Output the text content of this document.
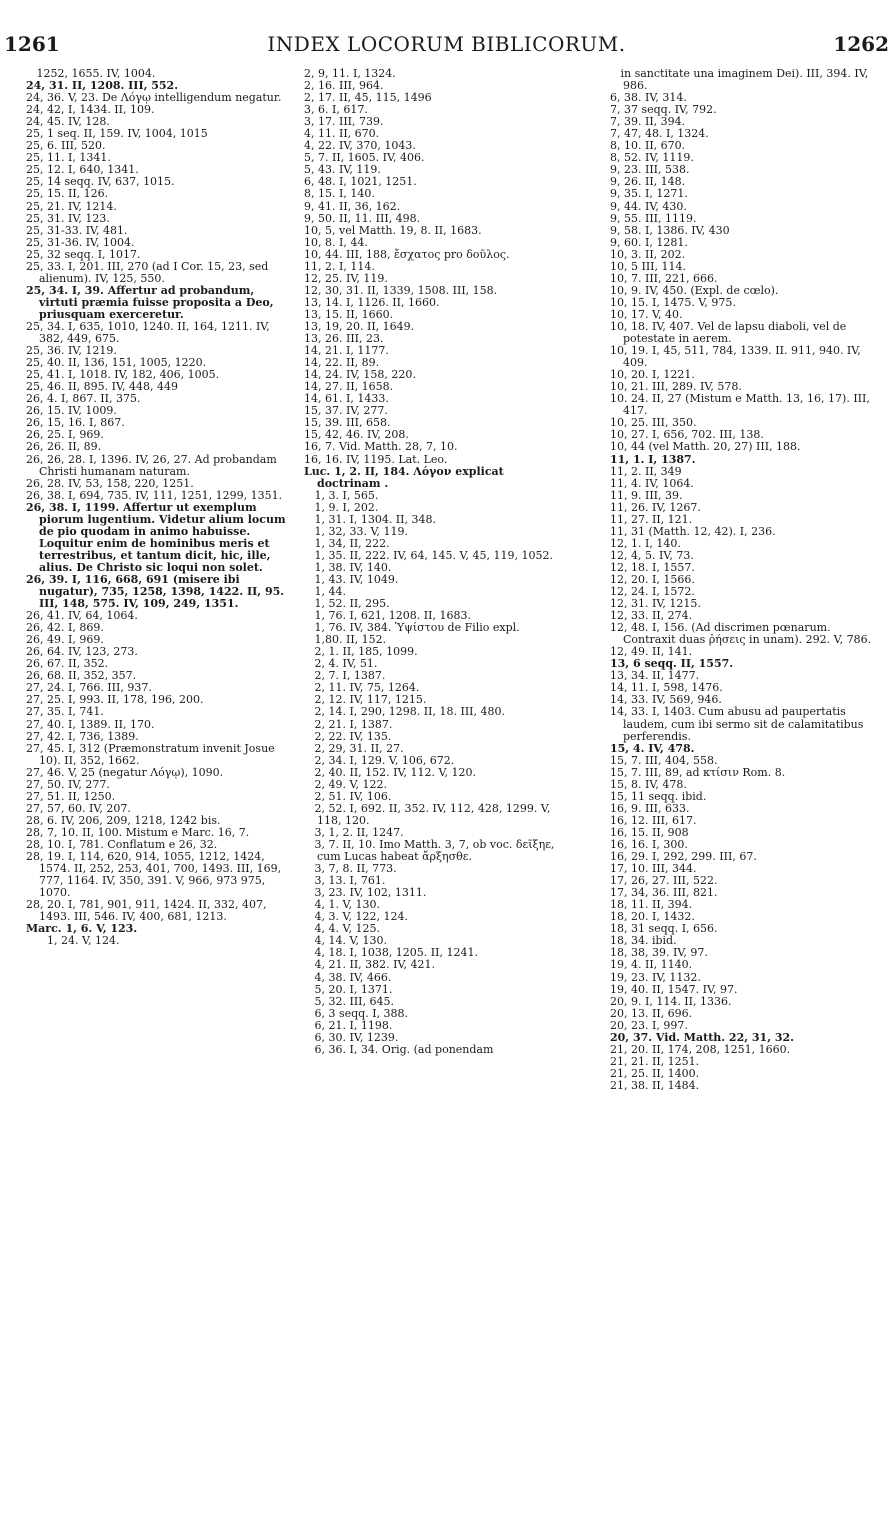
1261	INDEX LOCORUM BIBLICORUM.	1262
1252, 1655. IV, 1004.
24, 31. II, 1208. III, 552.
24, 36. V, 23. De Λόγῳ intelligendum negatur.
24, 42, I, 1434. II, 109.
24, 45. IV, 128.
25, 1 seq. II, 159. IV, 1004, 1015
25, 6. III, 520.
25, 11. I, 1341.
25, 12. I, 640, 1341.
25, 14 seqq. IV, 637, 1015.
25, 15. II, 126.
25, 21. IV, 1214.
25, 31. IV, 123.
25, 31-33. IV, 481.
25, 31-36. IV, 1004.
25, 32 seqq. I, 1017.
25, 33. I, 201. III, 270 (ad I Cor. 15, 23, sed alienum). IV, 125, 550.
25, 34. I, 39. Affertur ad probandum, virtuti præmia fuisse proposita a Deo, priusquam exerceretur.
25, 34. I, 635, 1010, 1240. II, 164, 1211. IV, 382, 449, 675.
25, 36. IV, 1219.
25, 40. II, 136, 151, 1005, 1220.
25, 41. I, 1018. IV, 182, 406, 1005.
25, 46. II, 895. IV, 448, 449
26, 4. I, 867. II, 375.
26, 15. IV, 1009.
26, 15, 16. I, 867.
26, 25. I, 969.
26, 26. II, 89.
26, 26, 28. I, 1396. IV, 26, 27. Ad probandam Christi humanam naturam.
26, 28. IV, 53, 158, 220, 1251.
26, 38. I, 694, 735. IV, 111, 1251, 1299, 1351.
26, 38. I, 1199. Affertur ut exemplum piorum lugentium. Videtur alium locum de pio quodam in animo habuisse. Loquitur enim de hominibus meris et terrestribus, et tantum dicit, hic, ille, alius. De Christo sic loqui non solet.
26, 39. I, 116, 668, 691 (misere ibi nugatur), 735, 1258, 1398, 1422. II, 95. III, 148, 575. IV, 109, 249, 1351.
26, 41. IV, 64, 1064.
26, 42. I, 869.
26, 49. I, 969.
26, 64. IV, 123, 273.
26, 67. II, 352.
26, 68. II, 352, 357.
27, 24. I, 766. III, 937.
27, 25. I, 993. II, 178, 196, 200.
27, 35. I, 741.
27, 40. I, 1389. II, 170.
27, 42. I, 736, 1389.
27, 45. I, 312 (Præmonstratum invenit Josue 10). II, 352, 1662.
27, 46. V, 25 (negatur Λόγῳ), 1090.
27, 50. IV, 277.
27, 51. II, 1250.
27, 57, 60. IV, 207.
28, 6. IV, 206, 209, 1218, 1242 bis.
28, 7, 10. II, 100. Mistum e Marc. 16, 7.
28, 10. I, 781. Conflatum e 26, 32.
28, 19. I, 114, 620, 914, 1055, 1212, 1424, 1574. II, 252, 253, 401, 700, 1493. III, 169, 777, 1164. IV, 350, 391. V, 966, 973 975, 1070.
28, 20. I, 781, 901, 911, 1424. II, 332, 407, 1493. III, 546. IV, 400, 681, 1213.
Marc. 1, 6. V, 123.
1, 24. V, 124.
2, 9, 11. I, 1324.
2, 16. III, 964.
2, 17. II, 45, 115, 1496
3, 6. I, 617.
3, 17. III, 739.
4, 11. II, 670.
4, 22. IV, 370, 1043.
5, 7. II, 1605. IV, 406.
5, 43. IV, 119.
6, 48. I, 1021, 1251.
8, 15. I, 140.
9, 41. II, 36, 162.
9, 50. II, 11. III, 498.
10, 5, vel Matth. 19, 8. II, 1683.
10, 8. I, 44.
10, 44. III, 188, ἔσχατος pro δοῦλος.
11, 2. I, 114.
12, 25. IV, 119.
12, 30, 31. II, 1339, 1508. III, 158.
13, 14. I, 1126. II, 1660.
13, 15. II, 1660.
13, 19, 20. II, 1649.
13, 26. III, 23.
14, 21. I, 1177.
14, 22. II, 89.
14, 24. IV, 158, 220.
14, 27. II, 1658.
14, 61. I, 1433.
15, 37. IV, 277.
15, 39. III, 658.
15, 42, 46. IV, 208.
16, 7. Vid. Matth. 28, 7, 10.
16, 16. IV, 1195. Lat. Leo.
Luc. 1, 2. II, 184. Λόγον explicat doctrinam .
1, 3. I, 565.
1, 9. I, 202.
1, 31. I, 1304. II, 348.
1, 32, 33. V, 119.
1, 34, II, 222.
1, 35. II, 222. IV, 64, 145. V, 45, 119, 1052.
1, 38. IV, 140.
1, 43. IV, 1049.
1, 44.
1, 52. II, 295.
1, 76. I, 621, 1208. II, 1683.
1, 76. IV, 384. Ὑψίστου de Filio expl.
1,80. II, 152.
2, 1. II, 185, 1099.
2, 4. IV, 51.
2, 7. I, 1387.
2, 11. IV, 75, 1264.
2, 12. IV, 117, 1215.
2, 14. I, 290, 1298. II, 18. III, 480.
2, 21. I, 1387.
2, 22. IV, 135.
2, 29, 31. II, 27.
2, 34. I, 129. V, 106, 672.
2, 40. II, 152. IV, 112. V, 120.
2, 49. V, 122.
2, 51. IV, 106.
2, 52. I, 692. II, 352. IV, 112, 428, 1299. V, 118, 120.
3, 1, 2. II, 1247.
3, 7. II, 10. Imo Matth. 3, 7, ob voc. δεῖξηε, cum Lucas habeat ἄρξησθε.
3, 7, 8. II, 773.
3, 13. I, 761.
3, 23. IV, 102, 1311.
4, 1. V, 130.
4, 3. V, 122, 124.
4, 4. V, 125.
4, 14. V, 130.
4, 18. I, 1038, 1205. II, 1241.
4, 21. II, 382. IV, 421.
4, 38. IV, 466.
5, 20. I, 1371.
5, 32. III, 645.
6, 3 seqq. I, 388.
6, 21. I, 1198.
6, 30. IV, 1239.
6, 36. I, 34. Orig. (ad ponendam
in sanctitate una imaginem Dei). III, 394. IV, 986.
6, 38. IV, 314.
7, 37 seqq. IV, 792.
7, 39. II, 394.
7, 47, 48. I, 1324.
8, 10. II, 670.
8, 52. IV, 1119.
9, 23. III, 538.
9, 26. II, 148.
9, 35. I, 1271.
9, 44. IV, 430.
9, 55. III, 1119.
9, 58. I, 1386. IV, 430
9, 60. I, 1281.
10, 3. II, 202.
10, 5 III, 114.
10, 7. III, 221, 666.
10, 9. IV, 450. (Expl. de cœlo).
10, 15. I, 1475. V, 975.
10, 17. V, 40.
10, 18. IV, 407. Vel de lapsu diaboli, vel de potestate in aerem.
10, 19. I, 45, 511, 784, 1339. II. 911, 940. IV, 409.
10, 20. I, 1221.
10, 21. III, 289. IV, 578.
10. 24. II, 27 (Mistum e Matth. 13, 16, 17). III, 417.
10, 25. III, 350.
10, 27. I, 656, 702. III, 138.
10, 44 (vel Matth. 20, 27) III, 188.
11, 1. I, 1387.
11, 2. II, 349
11, 4. IV, 1064.
11, 9. III, 39.
11, 26. IV, 1267.
11, 27. II, 121.
11, 31 (Matth. 12, 42). I, 236.
12, 1. I, 140.
12, 4, 5. IV, 73.
12, 18. I, 1557.
12, 20. I, 1566.
12, 24. I, 1572.
12, 31. IV, 1215.
12, 33. II, 274.
12, 48. I, 156. (Ad discrimen pœnarum. Contraxit duas ῥήσεις in unam). 292. V, 786.
12, 49. II, 141.
13, 6 seqq. II, 1557.
13, 34. II, 1477.
14, 11. I, 598, 1476.
14, 33. IV, 569, 946.
14, 33. I, 1403. Cum abusu ad paupertatis laudem, cum ibi sermo sit de calamitatibus perferendis.
15, 4. IV, 478.
15, 7. III, 404, 558.
15, 7. III, 89, ad κτίσιν Rom. 8.
15, 8. IV, 478.
15, 11 seqq. ibid.
16, 9. III, 633.
16, 12. III, 617.
16, 15. II, 908
16, 16. I, 300.
16, 29. I, 292, 299. III, 67.
17, 10. III, 344.
17, 26, 27. III, 522.
17, 34, 36. III, 821.
18, 11. II, 394.
18, 20. I, 1432.
18, 31 seqq. I, 656.
18, 34. ibid.
18, 38, 39. IV, 97.
19, 4. II, 1140.
19, 23. IV, 1132.
19, 40. II, 1547. IV, 97.
20, 9. I, 114. II, 1336.
20, 13. II, 696.
20, 23. I, 997.
20, 37. Vid. Matth. 22, 31, 32.
21, 20. II, 174, 208, 1251, 1660.
21, 21. II, 1251.
21, 25. II, 1400.
21, 38. II, 1484.
